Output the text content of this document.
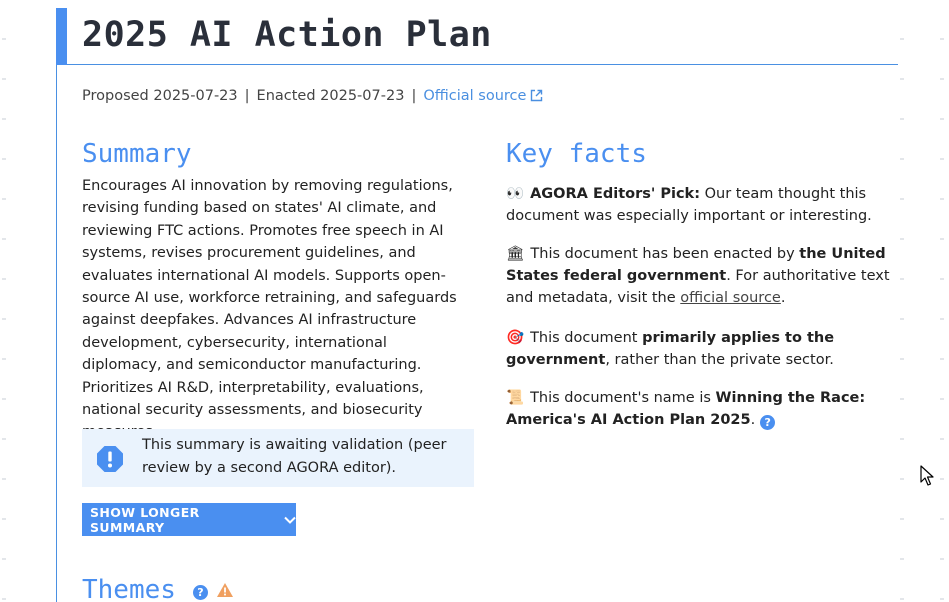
2025 AI Action Plan
Proposed 2025-07-23 | Enacted 2025-07-23 | Official source
Summary

Encourages AI innovation by removing regulations, revising funding based on states' AI climate, and reviewing FTC actions. Promotes free speech in AI systems, revises procurement guidelines, and evaluates international AI models. Supports open-source AI use, workforce retraining, and safeguards against deepfakes. Advances AI infrastructure development, cybersecurity, international diplomacy, and semiconductor manufacturing. Prioritizes AI R&D, interpretability, evaluations, national security assessments, and biosecurity

This summary is awaiting validation (peer review by a second AGORA editor).
SHOW LONGER SUMMARY
Key facts

👀 AGORA Editors' Pick: Our team thought this document was especially important or interesting.

🏛 This document has been enacted by the United States federal government. For authoritative text and metadata, visit the official source.

🎯 This document primarily applies to the government, rather than the private sector.

📜 This document's name is Winning the Race: America's AI Action Plan 2025. ?

Themes	?
